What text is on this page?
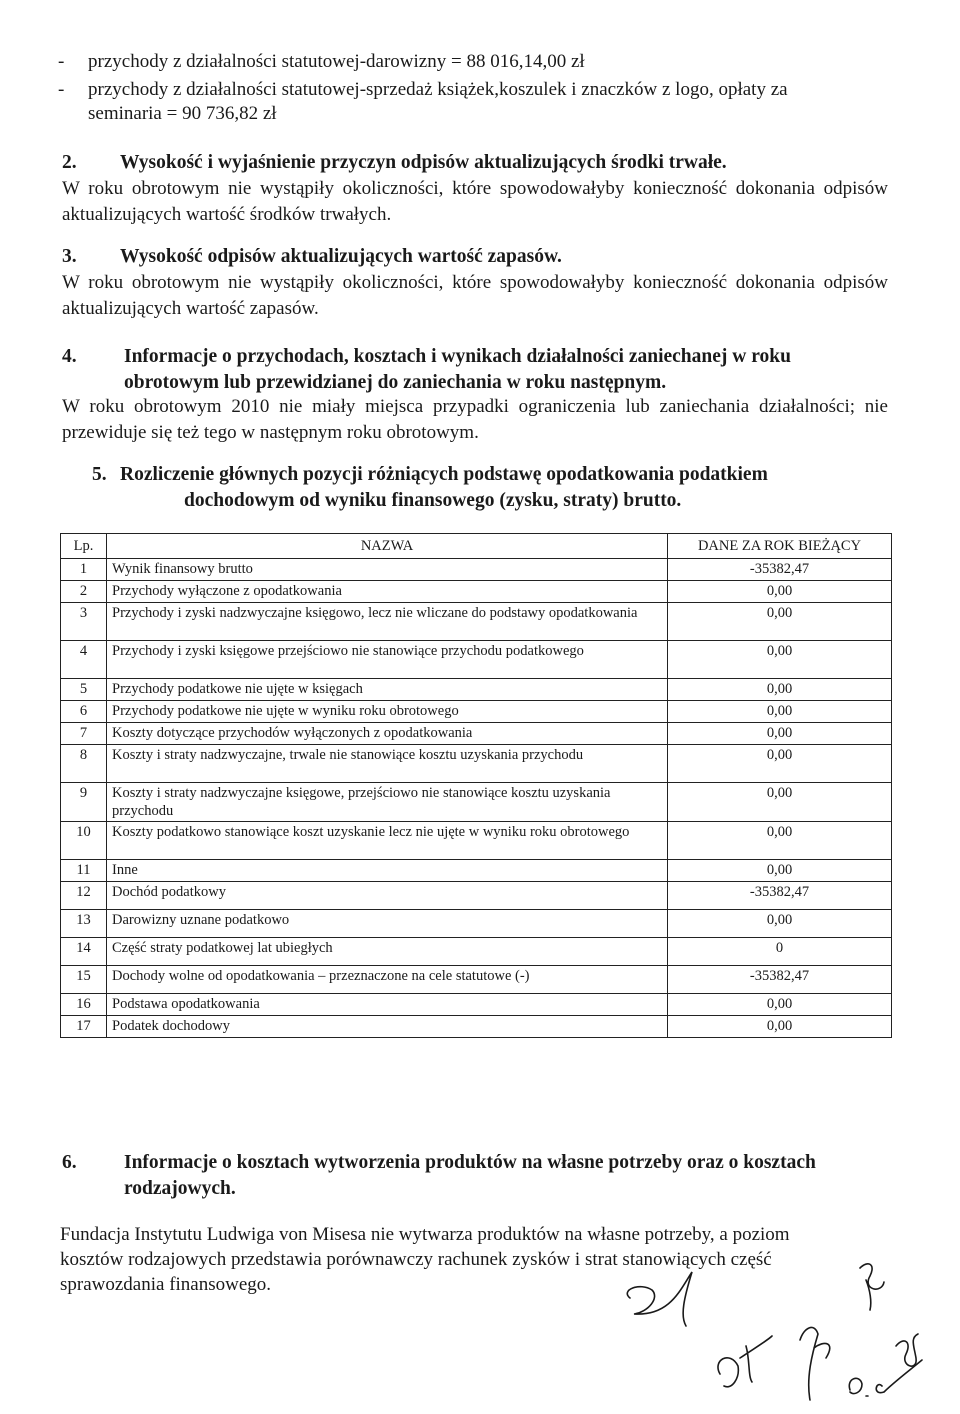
- przychody z działalności statutowej-darowizny = 88 016,14,00 zł
- przychody z działalności statutowej-sprzedaż książek,koszulek i znaczków z logo, opłaty za
seminaria = 90 736,82 zł
2. Wysokość i wyjaśnienie przyczyn odpisów aktualizujących środki trwałe.
W roku obrotowym nie wystąpiły okoliczności, które spowodowałyby konieczność dokonania odpisów aktualizujących wartość środków trwałych.
3. Wysokość odpisów aktualizujących wartość zapasów.
W roku obrotowym nie wystąpiły okoliczności, które spowodowałyby konieczność dokonania odpisów aktualizujących wartość zapasów.
4. Informacje o przychodach, kosztach i wynikach działalności zaniechanej w roku
obrotowym lub przewidzianej do zaniechania w roku następnym.
W roku obrotowym 2010 nie miały miejsca przypadki ograniczenia lub zaniechania działalności; nie przewiduje się też tego w następnym roku obrotowym.
5. Rozliczenie głównych pozycji różniących podstawę opodatkowania podatkiem
dochodowym od wyniku finansowego (zysku, straty) brutto.
Lp.	NAZWA	DANE ZA ROK BIEŻĄCY
1	Wynik finansowy brutto	-35382,47
2	Przychody wyłączone z opodatkowania	0,00
3	Przychody i zyski nadzwyczajne księgowo, lecz nie wliczane do podstawy opodatkowania	0,00
4	Przychody i zyski księgowe przejściowo nie stanowiące przychodu podatkowego	0,00
5	Przychody podatkowe nie ujęte w księgach	0,00
6	Przychody podatkowe nie ujęte w wyniku roku obrotowego	0,00
7	Koszty dotyczące przychodów wyłączonych z opodatkowania	0,00
8	Koszty i straty nadzwyczajne, trwale nie stanowiące kosztu uzyskania przychodu	0,00
9	Koszty i straty nadzwyczajne księgowe, przejściowo nie stanowiące kosztu uzyskania przychodu	0,00
10	Koszty podatkowo stanowiące koszt uzyskanie lecz nie ujęte w wyniku roku obrotowego	0,00
11	Inne	0,00
12	Dochód podatkowy	-35382,47
13	Darowizny uznane podatkowo	0,00
14	Część straty podatkowej lat ubiegłych	0
15	Dochody wolne od opodatkowania – przeznaczone na cele statutowe (-)	-35382,47
16	Podstawa opodatkowania	0,00
17	Podatek dochodowy	0,00
6. Informacje o kosztach wytworzenia produktów na własne potrzeby oraz o kosztach
rodzajowych.
Fundacja Instytutu Ludwiga von Misesa nie wytwarza produktów na własne potrzeby, a poziom kosztów rodzajowych przedstawia porównawczy rachunek zysków i strat stanowiących część sprawozdania finansowego.
